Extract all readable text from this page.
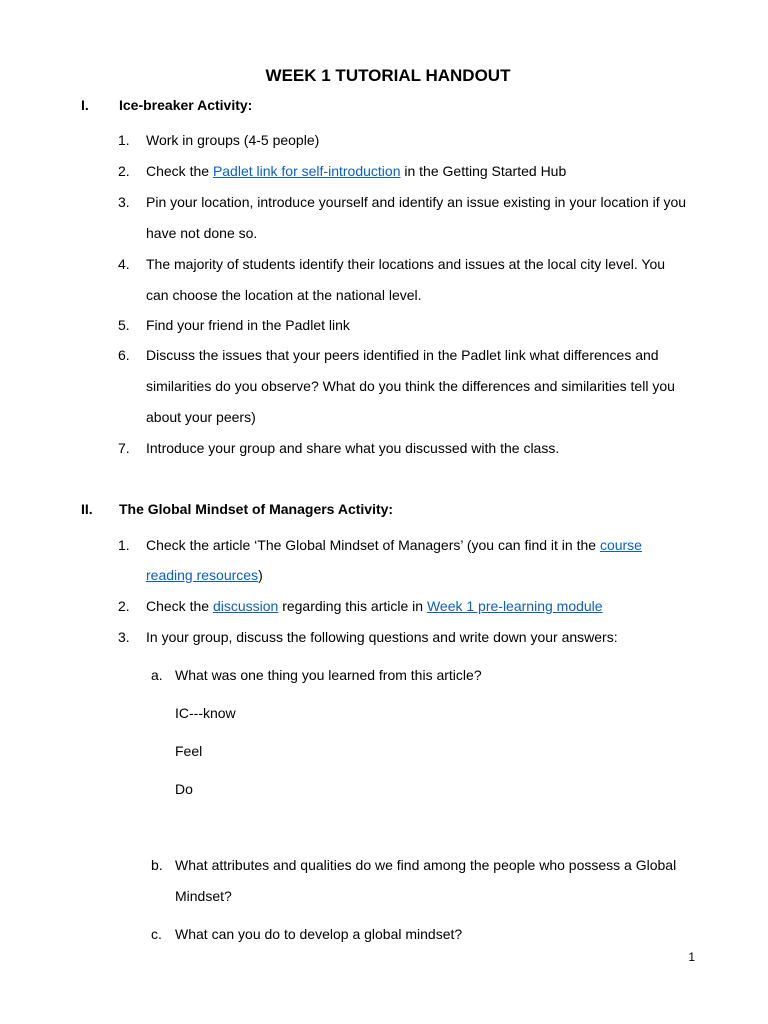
WEEK 1 TUTORIAL HANDOUT
I. Ice-breaker Activity:
1. Work in groups (4-5 people)
2. Check the Padlet link for self-introduction in the Getting Started Hub
3. Pin your location, introduce yourself and identify an issue existing in your location if you
have not done so.
4. The majority of students identify their locations and issues at the local city level. You
can choose the location at the national level.
5. Find your friend in the Padlet link
6. Discuss the issues that your peers identified in the Padlet link what differences and
similarities do you observe? What do you think the differences and similarities tell you
about your peers)
7. Introduce your group and share what you discussed with the class.
II. The Global Mindset of Managers Activity:
1. Check the article ‘The Global Mindset of Managers’ (you can find it in the course
reading resources)
2. Check the discussion regarding this article in Week 1 pre-learning module
3. In your group, discuss the following questions and write down your answers:
a. What was one thing you learned from this article?
IC---know
Feel
Do
b. What attributes and qualities do we find among the people who possess a Global
Mindset?
c. What can you do to develop a global mindset?
1
